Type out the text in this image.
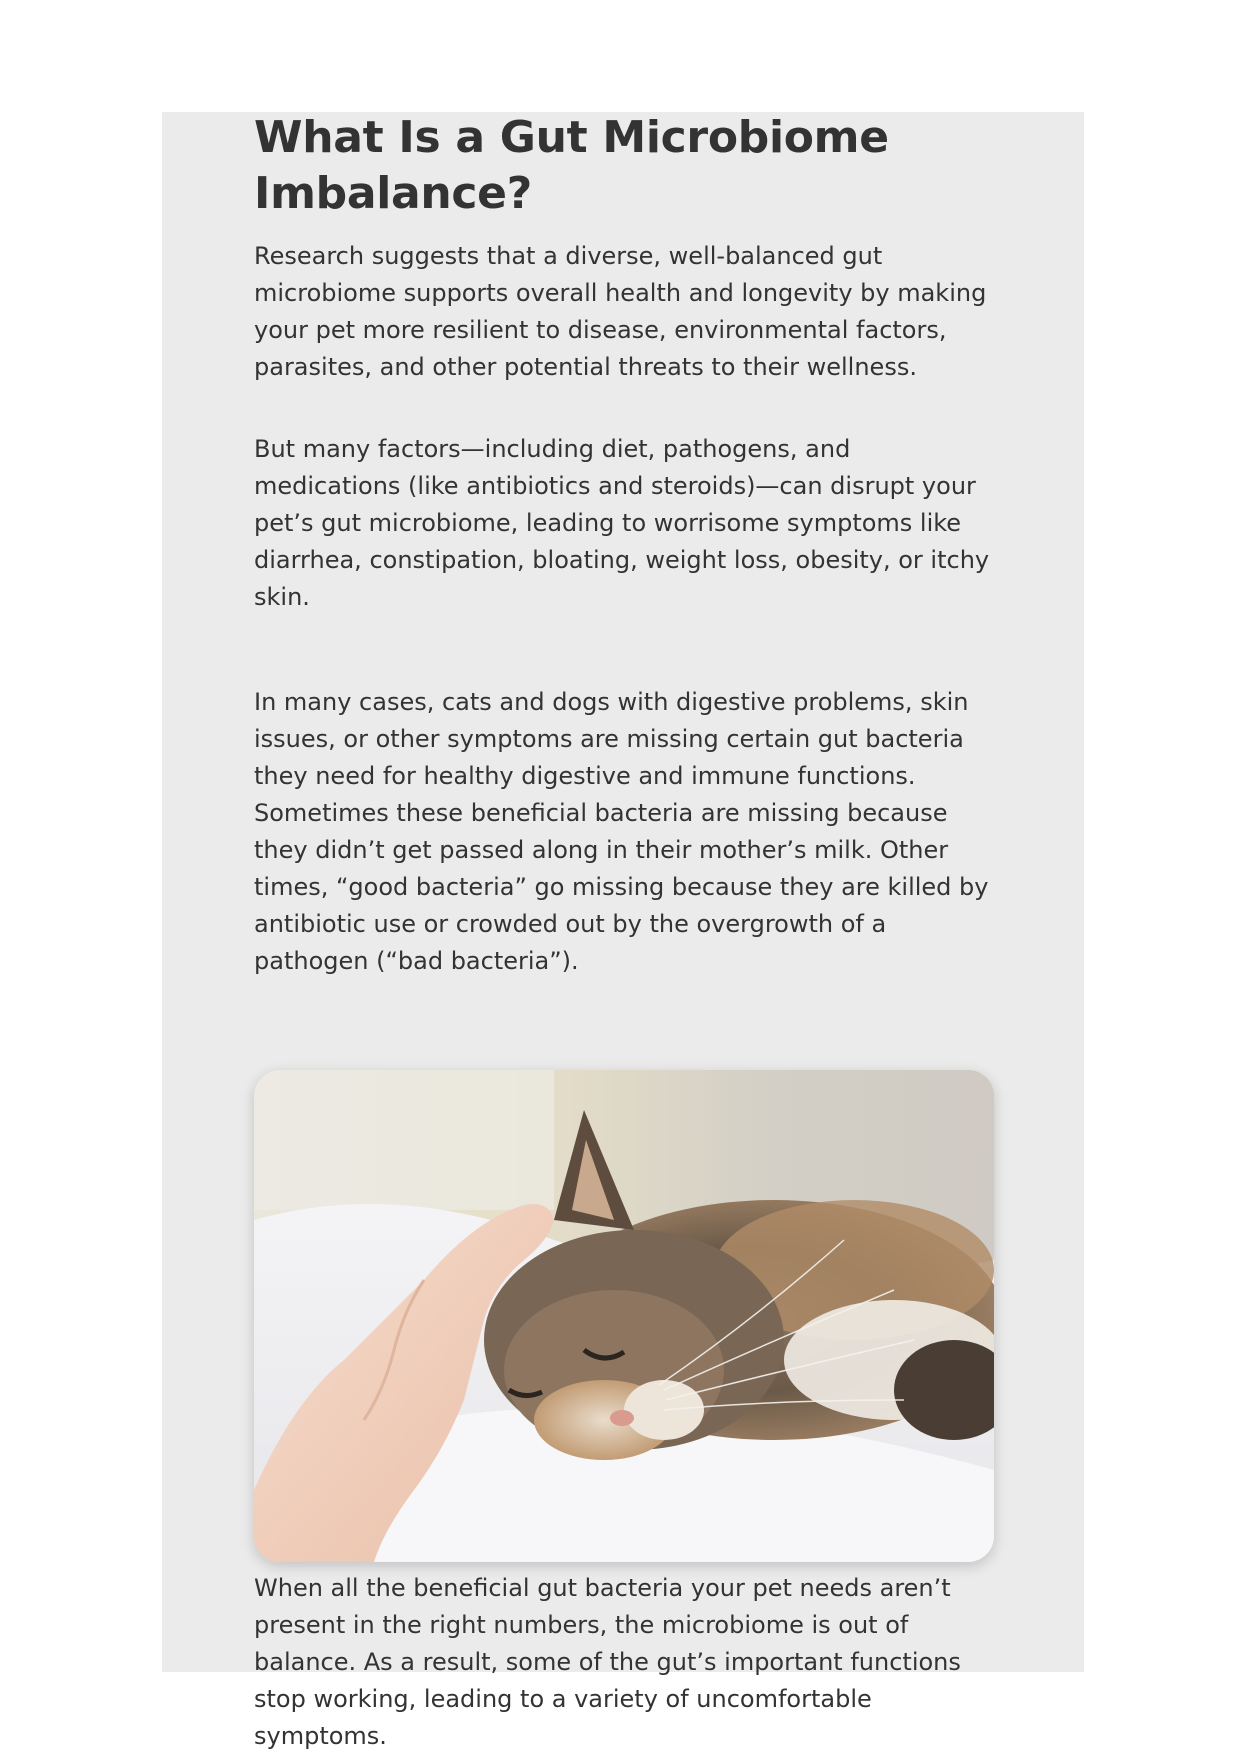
What Is a Gut Microbiome Imbalance?

Research suggests that a diverse, well-balanced gut microbiome supports overall health and longevity by making your pet more resilient to disease, environmental factors, parasites, and other potential threats to their wellness.

But many factors—including diet, pathogens, and medications (like antibiotics and steroids)—can disrupt your pet’s gut microbiome, leading to worrisome symptoms like diarrhea, constipation, bloating, weight loss, obesity, or itchy skin.

In many cases, cats and dogs with digestive problems, skin issues, or other symptoms are missing certain gut bacteria they need for healthy digestive and immune functions. Sometimes these beneficial bacteria are missing because they didn’t get passed along in their mother’s milk. Other times, “good bacteria” go missing because they are killed by antibiotic use or crowded out by the overgrowth of a pathogen (“bad bacteria”).

When all the beneficial gut bacteria your pet needs aren’t present in the right numbers, the microbiome is out of balance. As a result, some of the gut’s important functions stop working, leading to a variety of uncomfortable symptoms.
